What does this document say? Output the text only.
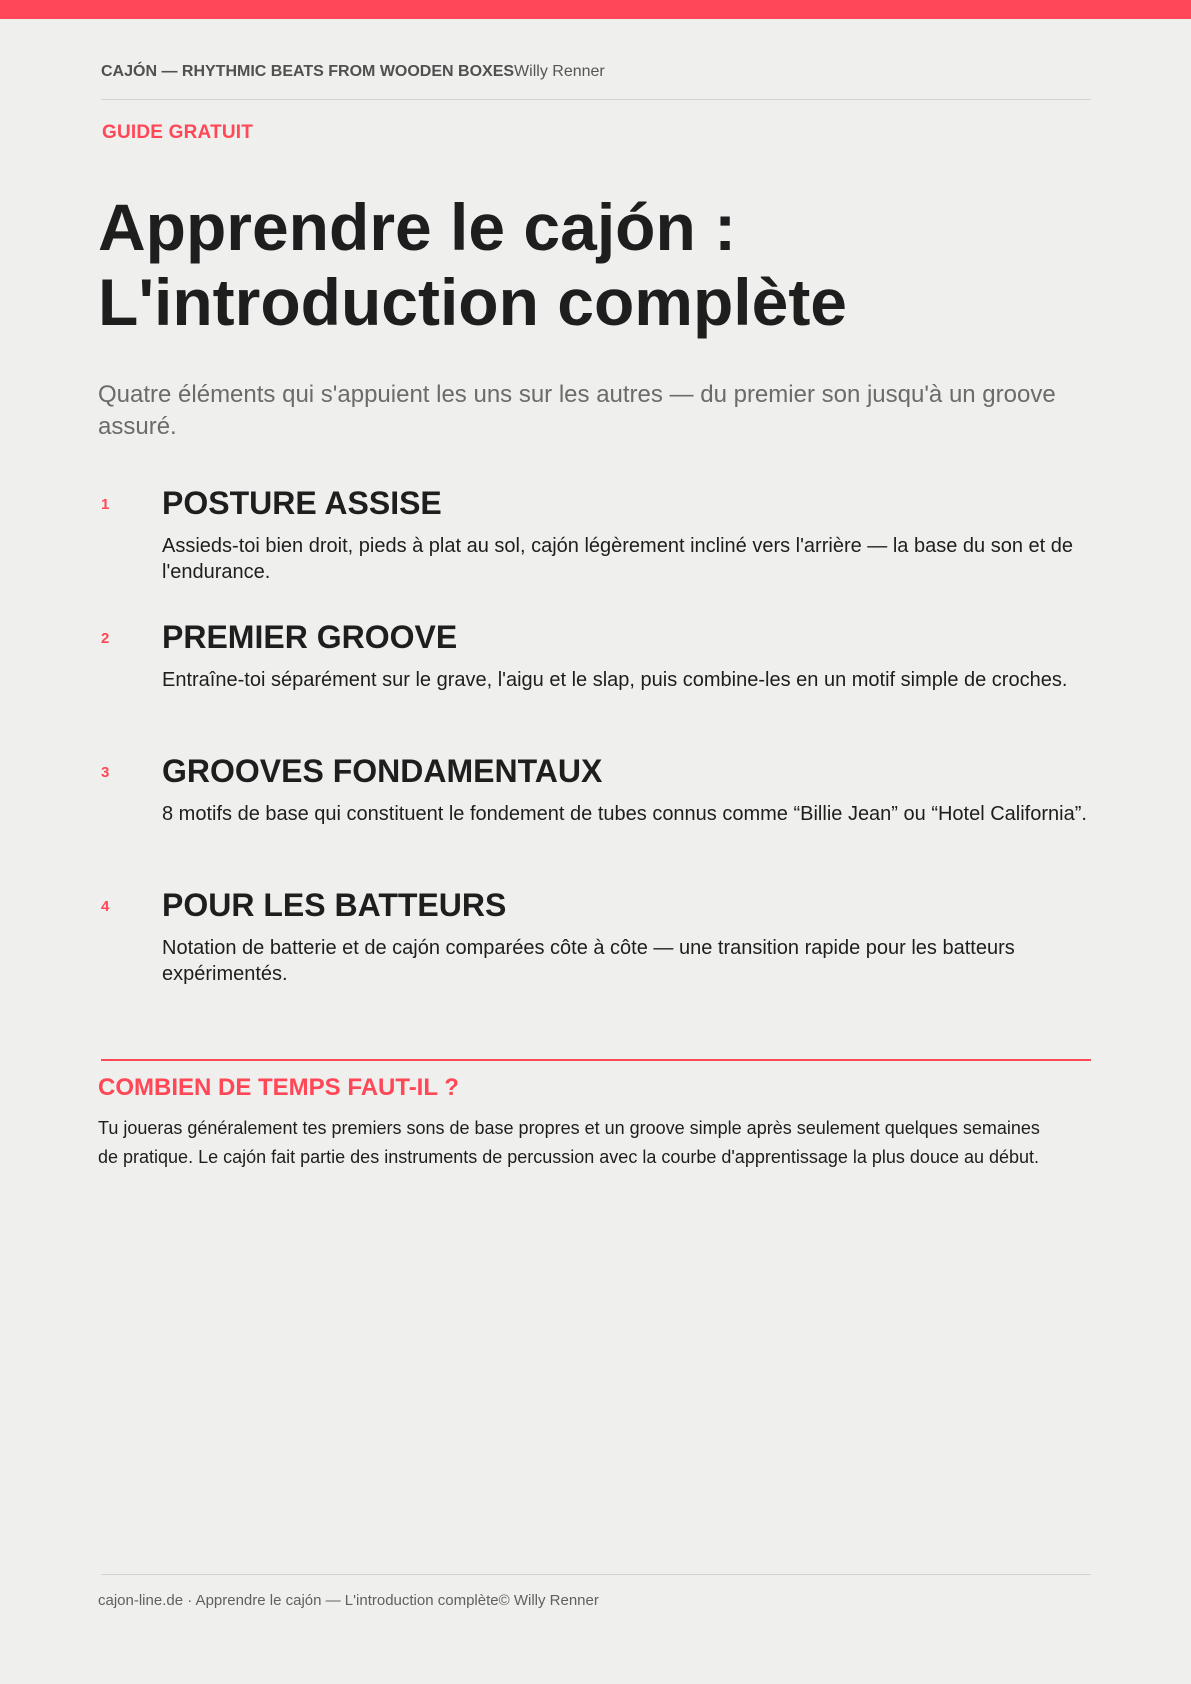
CAJÓN — RHYTHMIC BEATS FROM WOODEN BOXESWilly Renner
GUIDE GRATUIT
Apprendre le cajón :
L'introduction complète

Quatre éléments qui s'appuient les uns sur les autres — du premier son jusqu'à un groove assuré.

1 POSTURE ASSISE

Assieds-toi bien droit, pieds à plat au sol, cajón légèrement incliné vers l'arrière — la base du son et de l'endurance.

2 PREMIER GROOVE

Entraîne-toi séparément sur le grave, l'aigu et le slap, puis combine-les en un motif simple de croches.

3 GROOVES FONDAMENTAUX

8 motifs de base qui constituent le fondement de tubes connus comme “Billie Jean” ou “Hotel California”.

4 POUR LES BATTEURS

Notation de batterie et de cajón comparées côte à côte — une transition rapide pour les batteurs expérimentés.

COMBIEN DE TEMPS FAUT-IL ?

Tu joueras généralement tes premiers sons de base propres et un groove simple après seulement quelques semaines de pratique. Le cajón fait partie des instruments de percussion avec la courbe d'apprentissage la plus douce au début.

cajon-line.de · Apprendre le cajón — L'introduction complète© Willy Renner
